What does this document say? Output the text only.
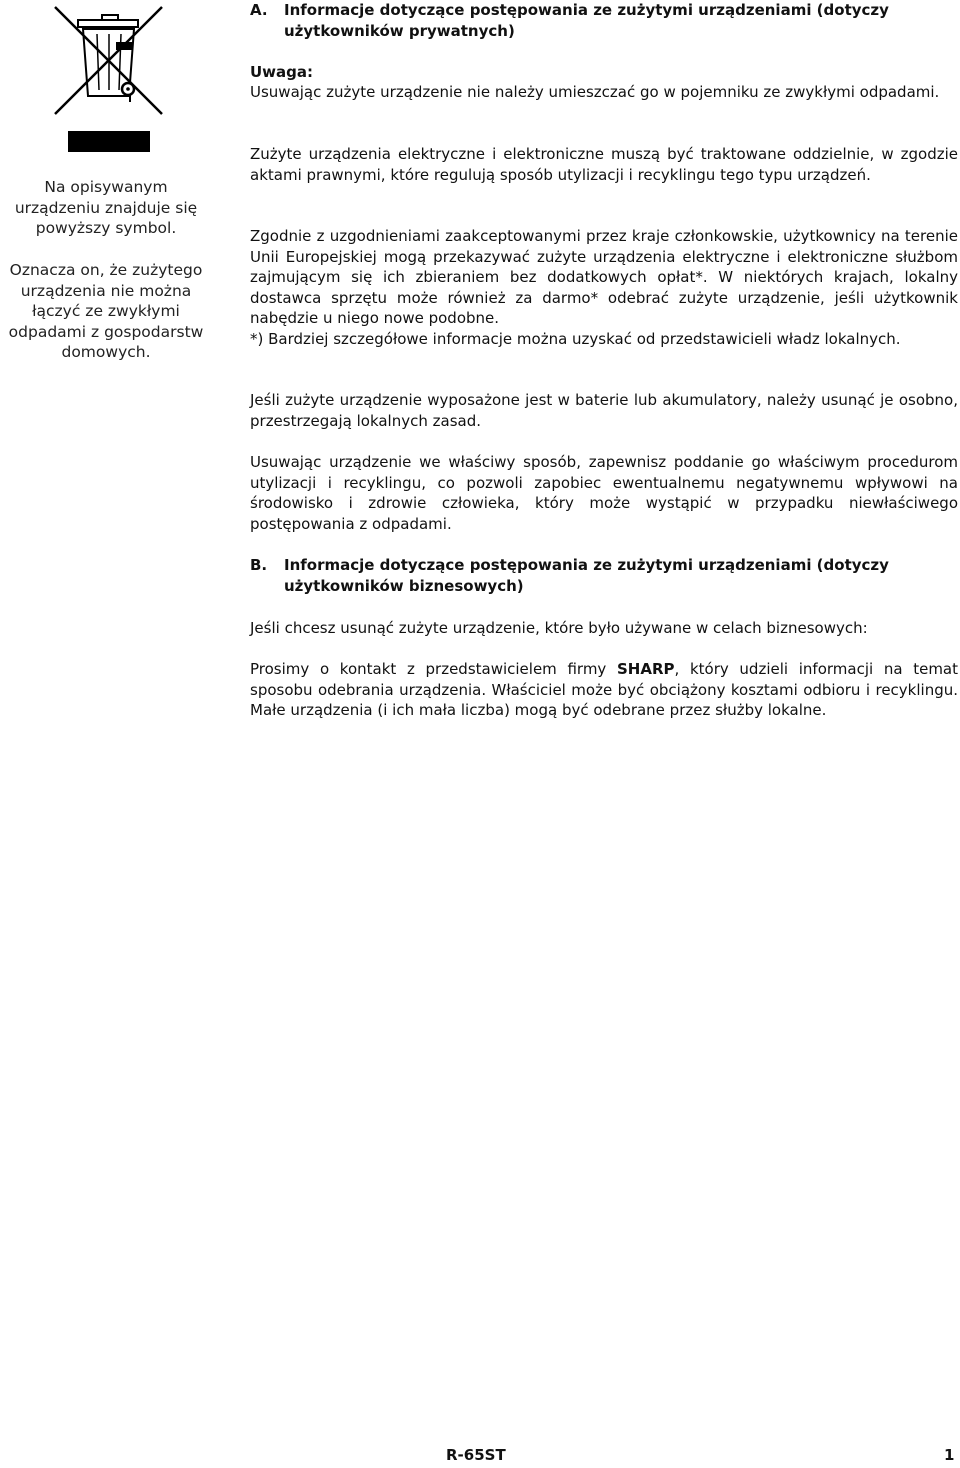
Na opisywanym urządzeniu znajduje się powyższy symbol.
Oznacza on, że zużytego urządzenia nie można łączyć ze zwykłymi odpadami z gospodarstw domowych.
A. Informacje dotyczące postępowania ze zużytymi urządzeniami (dotyczy użytkowników prywatnych)
Uwaga:

Usuwając zużyte urządzenie nie należy umieszczać go w pojemniku ze zwykłymi odpadami.

Zużyte urządzenia elektryczne i elektroniczne muszą być traktowane oddzielnie, w zgodzie aktami prawnymi, które regulują sposób utylizacji i recyklingu tego typu urządzeń.

Zgodnie z uzgodnieniami zaakceptowanymi przez kraje członkowskie, użytkownicy na terenie Unii Europejskiej mogą przekazywać zużyte urządzenia elektryczne i elektroniczne służbom zajmującym się ich zbieraniem bez dodatkowych opłat*. W niektórych krajach, lokalny dostawca sprzętu może również za darmo* odebrać zużyte urządzenie, jeśli użytkownik nabędzie u niego nowe podobne.

*) Bardziej szczegółowe informacje można uzyskać od przedstawicieli władz lokalnych.

Jeśli zużyte urządzenie wyposażone jest w baterie lub akumulatory, należy usunąć je osobno, przestrzegają lokalnych zasad.

Usuwając urządzenie we właściwy sposób, zapewnisz poddanie go właściwym procedurom utylizacji i recyklingu, co pozwoli zapobiec ewentualnemu negatywnemu wpływowi na środowisko i zdrowie człowieka, który może wystąpić w przypadku niewłaściwego postępowania z odpadami.

B. Informacje dotyczące postępowania ze zużytymi urządzeniami (dotyczy użytkowników biznesowych)

Jeśli chcesz usunąć zużyte urządzenie, które było używane w celach biznesowych:

Prosimy o kontakt z przedstawicielem firmy SHARP, który udzieli informacji na temat sposobu odebrania urządzenia. Właściciel może być obciążony kosztami odbioru i recyklingu. Małe urządzenia (i ich mała liczba) mogą być odebrane przez służby lokalne.

R-65ST	1
